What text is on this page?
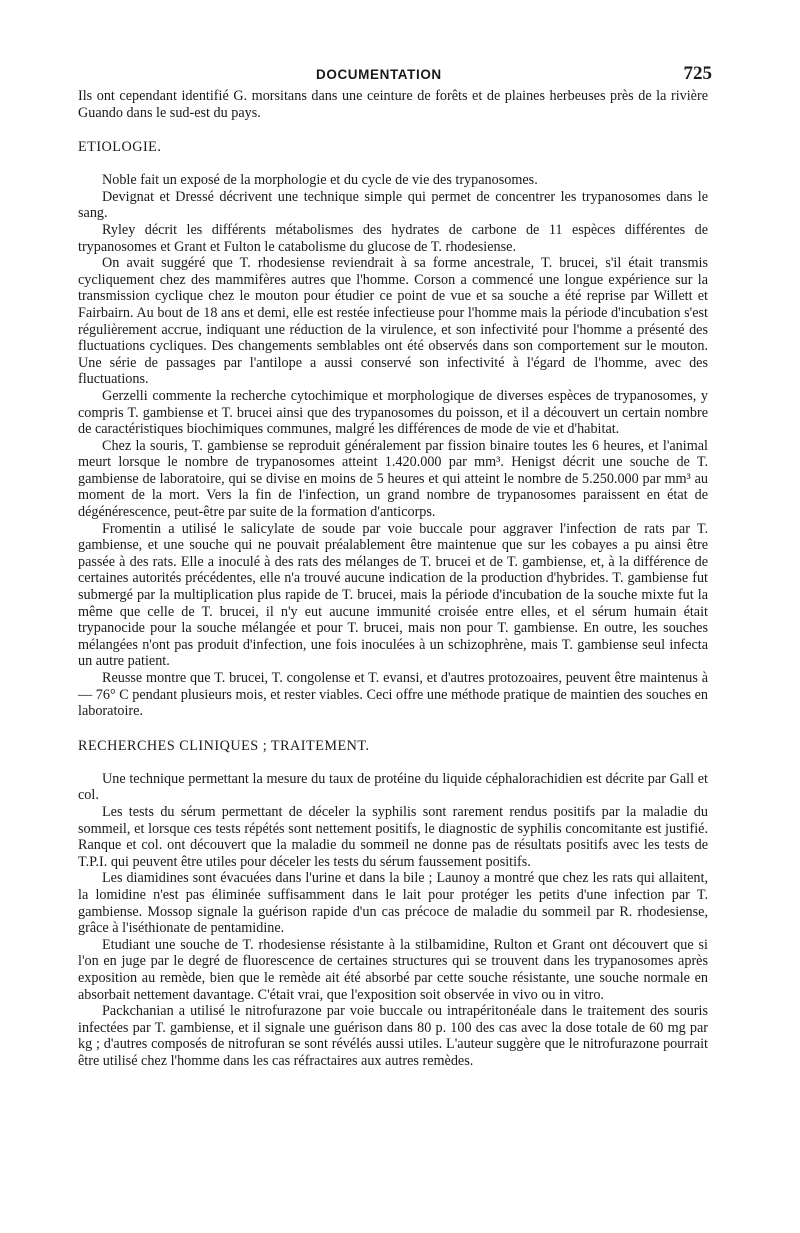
DOCUMENTATION	725

Ils ont cependant identifié G. morsitans dans une ceinture de forêts et de plaines herbeuses près de la rivière Guando dans le sud-est du pays.

ETIOLOGIE.

Noble fait un exposé de la morphologie et du cycle de vie des trypanosomes.

Devignat et Dressé décrivent une technique simple qui permet de concentrer les trypanosomes dans le sang.

Ryley décrit les différents métabolismes des hydrates de carbone de 11 espèces différentes de trypanosomes et Grant et Fulton le catabolisme du glucose de T. rhodesiense.

On avait suggéré que T. rhodesiense reviendrait à sa forme ancestrale, T. brucei, s'il était transmis cycliquement chez des mammifères autres que l'homme. Corson a commencé une longue expérience sur la transmission cyclique chez le mouton pour étudier ce point de vue et sa souche a été reprise par Willett et Fairbairn. Au bout de 18 ans et demi, elle est restée infectieuse pour l'homme mais la période d'incubation s'est régulièrement accrue, indiquant une réduction de la virulence, et son infectivité pour l'homme a présenté des fluctuations cycliques. Des changements semblables ont été observés dans son comportement sur le mouton. Une série de passages par l'antilope a aussi conservé son infectivité à l'égard de l'homme, avec des fluctuations.

Gerzelli commente la recherche cytochimique et morphologique de diverses espèces de trypanosomes, y compris T. gambiense et T. brucei ainsi que des trypanosomes du poisson, et il a découvert un certain nombre de caractéristiques biochimiques communes, malgré les différences de mode de vie et d'habitat.

Chez la souris, T. gambiense se reproduit généralement par fission binaire toutes les 6 heures, et l'animal meurt lorsque le nombre de trypanosomes atteint 1.420.000 par mm³. Henigst décrit une souche de T. gambiense de laboratoire, qui se divise en moins de 5 heures et qui atteint le nombre de 5.250.000 par mm³ au moment de la mort. Vers la fin de l'infection, un grand nombre de trypanosomes paraissent en état de dégénérescence, peut-être par suite de la formation d'anticorps.

Fromentin a utilisé le salicylate de soude par voie buccale pour aggraver l'infection de rats par T. gambiense, et une souche qui ne pouvait préalablement être maintenue que sur les cobayes a pu ainsi être passée à des rats. Elle a inoculé à des rats des mélanges de T. brucei et de T. gambiense, et, à la différence de certaines autorités précédentes, elle n'a trouvé aucune indication de la production d'hybrides. T. gambiense fut submergé par la multiplication plus rapide de T. brucei, mais la période d'incubation de la souche mixte fut la même que celle de T. brucei, il n'y eut aucune immunité croisée entre elles, et el sérum humain était trypanocide pour la souche mélangée et pour T. brucei, mais non pour T. gambiense. En outre, les souches mélangées n'ont pas produit d'infection, une fois inoculées à un schizophrène, mais T. gambiense seul infecta un autre patient.

Reusse montre que T. brucei, T. congolense et T. evansi, et d'autres protozoaires, peuvent être maintenus à — 76° C pendant plusieurs mois, et rester viables. Ceci offre une méthode pratique de maintien des souches en laboratoire.

RECHERCHES CLINIQUES ; TRAITEMENT.

Une technique permettant la mesure du taux de protéine du liquide céphalorachidien est décrite par Gall et col.

Les tests du sérum permettant de déceler la syphilis sont rarement rendus positifs par la maladie du sommeil, et lorsque ces tests répétés sont nettement positifs, le diagnostic de syphilis concomitante est justifié. Ranque et col. ont découvert que la maladie du sommeil ne donne pas de résultats positifs avec les tests de T.P.I. qui peuvent être utiles pour déceler les tests du sérum faussement positifs.

Les diamidines sont évacuées dans l'urine et dans la bile ; Launoy a montré que chez les rats qui allaitent, la lomidine n'est pas éliminée suffisamment dans le lait pour protéger les petits d'une infection par T. gambiense. Mossop signale la guérison rapide d'un cas précoce de maladie du sommeil par R. rhodesiense, grâce à l'iséthionate de pentamidine.

Etudiant une souche de T. rhodesiense résistante à la stilbamidine, Rulton et Grant ont découvert que si l'on en juge par le degré de fluorescence de certaines structures qui se trouvent dans les trypanosomes après exposition au remède, bien que le remède ait été absorbé par cette souche résistante, une souche normale en absorbait nettement davantage. C'était vrai, que l'exposition soit observée in vivo ou in vitro.

Packchanian a utilisé le nitrofurazone par voie buccale ou intrapéritonéale dans le traitement des souris infectées par T. gambiense, et il signale une guérison dans 80 p. 100 des cas avec la dose totale de 60 mg par kg ; d'autres composés de nitrofuran se sont révélés aussi utiles. L'auteur suggère que le nitrofurazone pourrait être utilisé chez l'homme dans les cas réfractaires aux autres remèdes.
